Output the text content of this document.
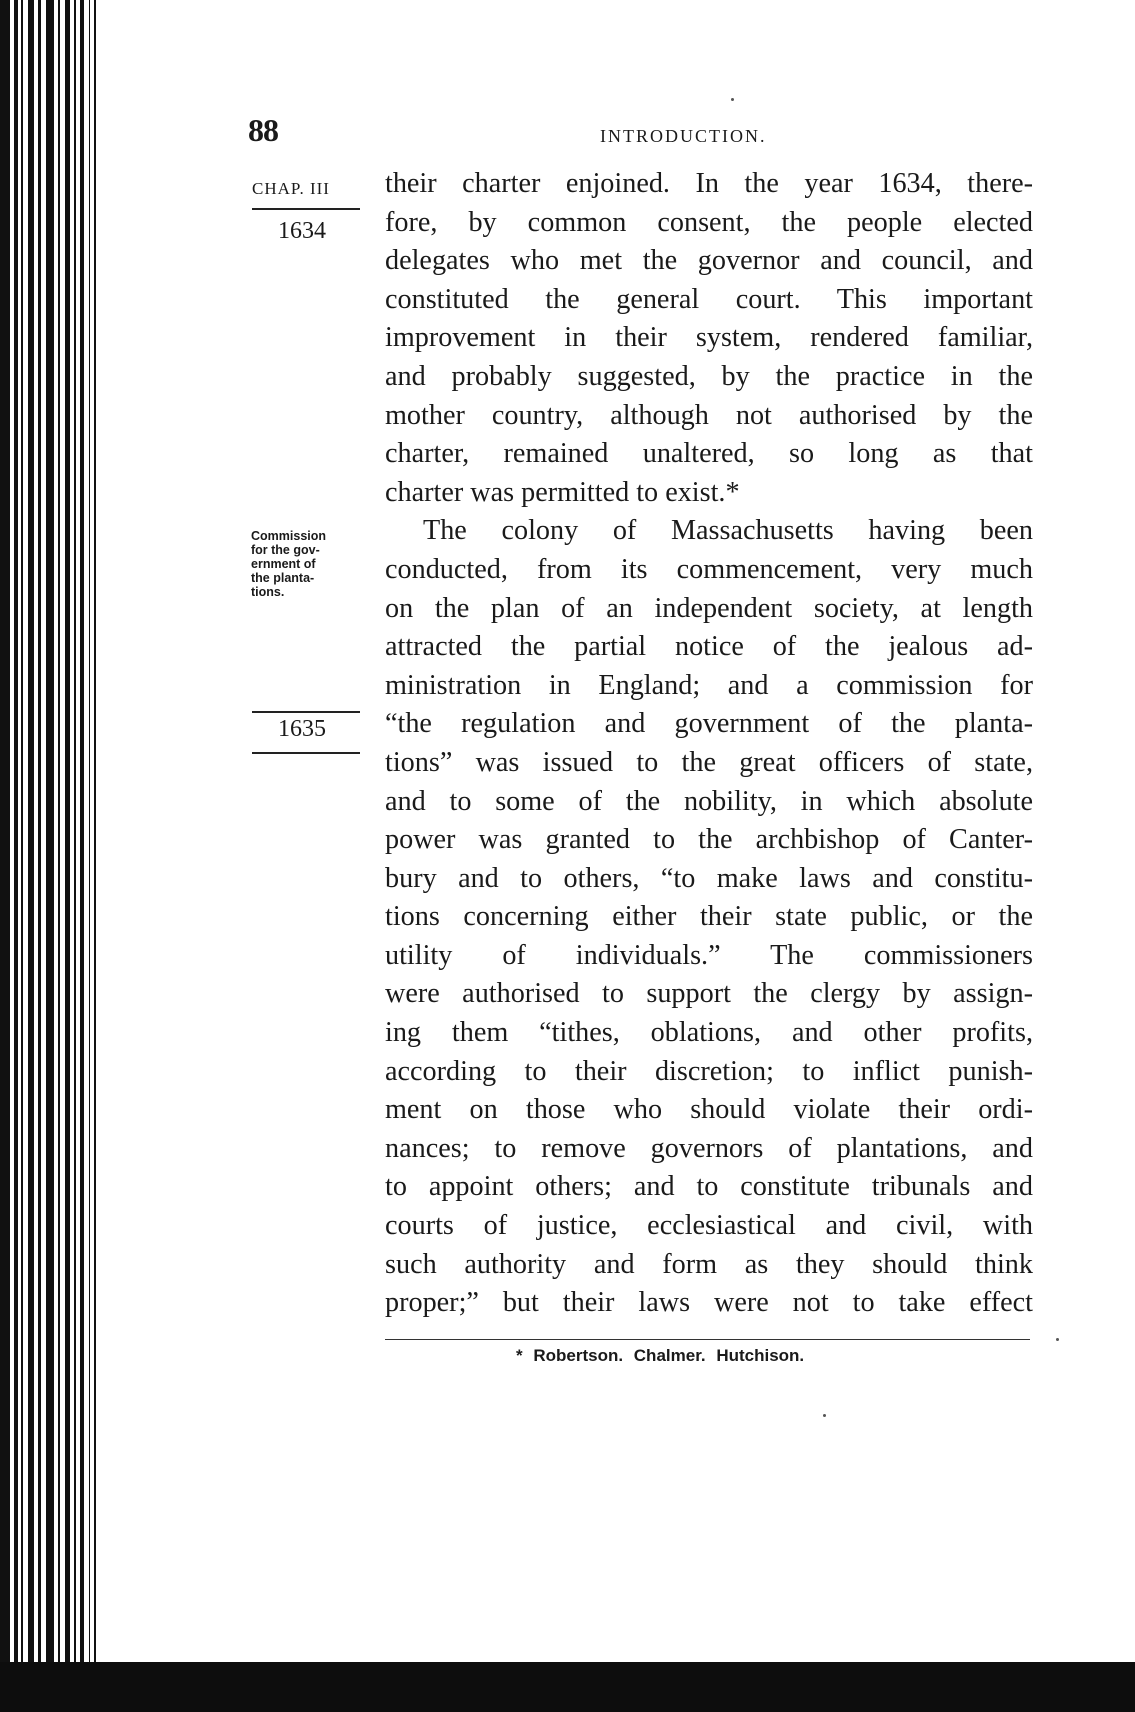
88	INTRODUCTION.
CHAP. III
1634
Commission
for the gov-
ernment of
the planta-
tions.
1635
their charter enjoined. In the year 1634, there-
fore, by common consent, the people elected
delegates who met the governor and council, and
constituted the general court. This important
improvement in their system, rendered familiar,
and probably suggested, by the practice in the
mother country, although not authorised by the
charter, remained unaltered, so long as that
charter was permitted to exist.*
The colony of Massachusetts having been
conducted, from its commencement, very much
on the plan of an independent society, at length
attracted the partial notice of the jealous ad-
ministration in England; and a commission for
“the regulation and government of the planta-
tions” was issued to the great officers of state,
and to some of the nobility, in which absolute
power was granted to the archbishop of Canter-
bury and to others, “to make laws and constitu-
tions concerning either their state public, or the
utility of individuals.” The commissioners
were authorised to support the clergy by assign-
ing them “tithes, oblations, and other profits,
according to their discretion; to inflict punish-
ment on those who should violate their ordi-
nances; to remove governors of plantations, and
to appoint others; and to constitute tribunals and
courts of justice, ecclesiastical and civil, with
such authority and form as they should think
proper;” but their laws were not to take effect
* Robertson. Chalmer. Hutchison.
